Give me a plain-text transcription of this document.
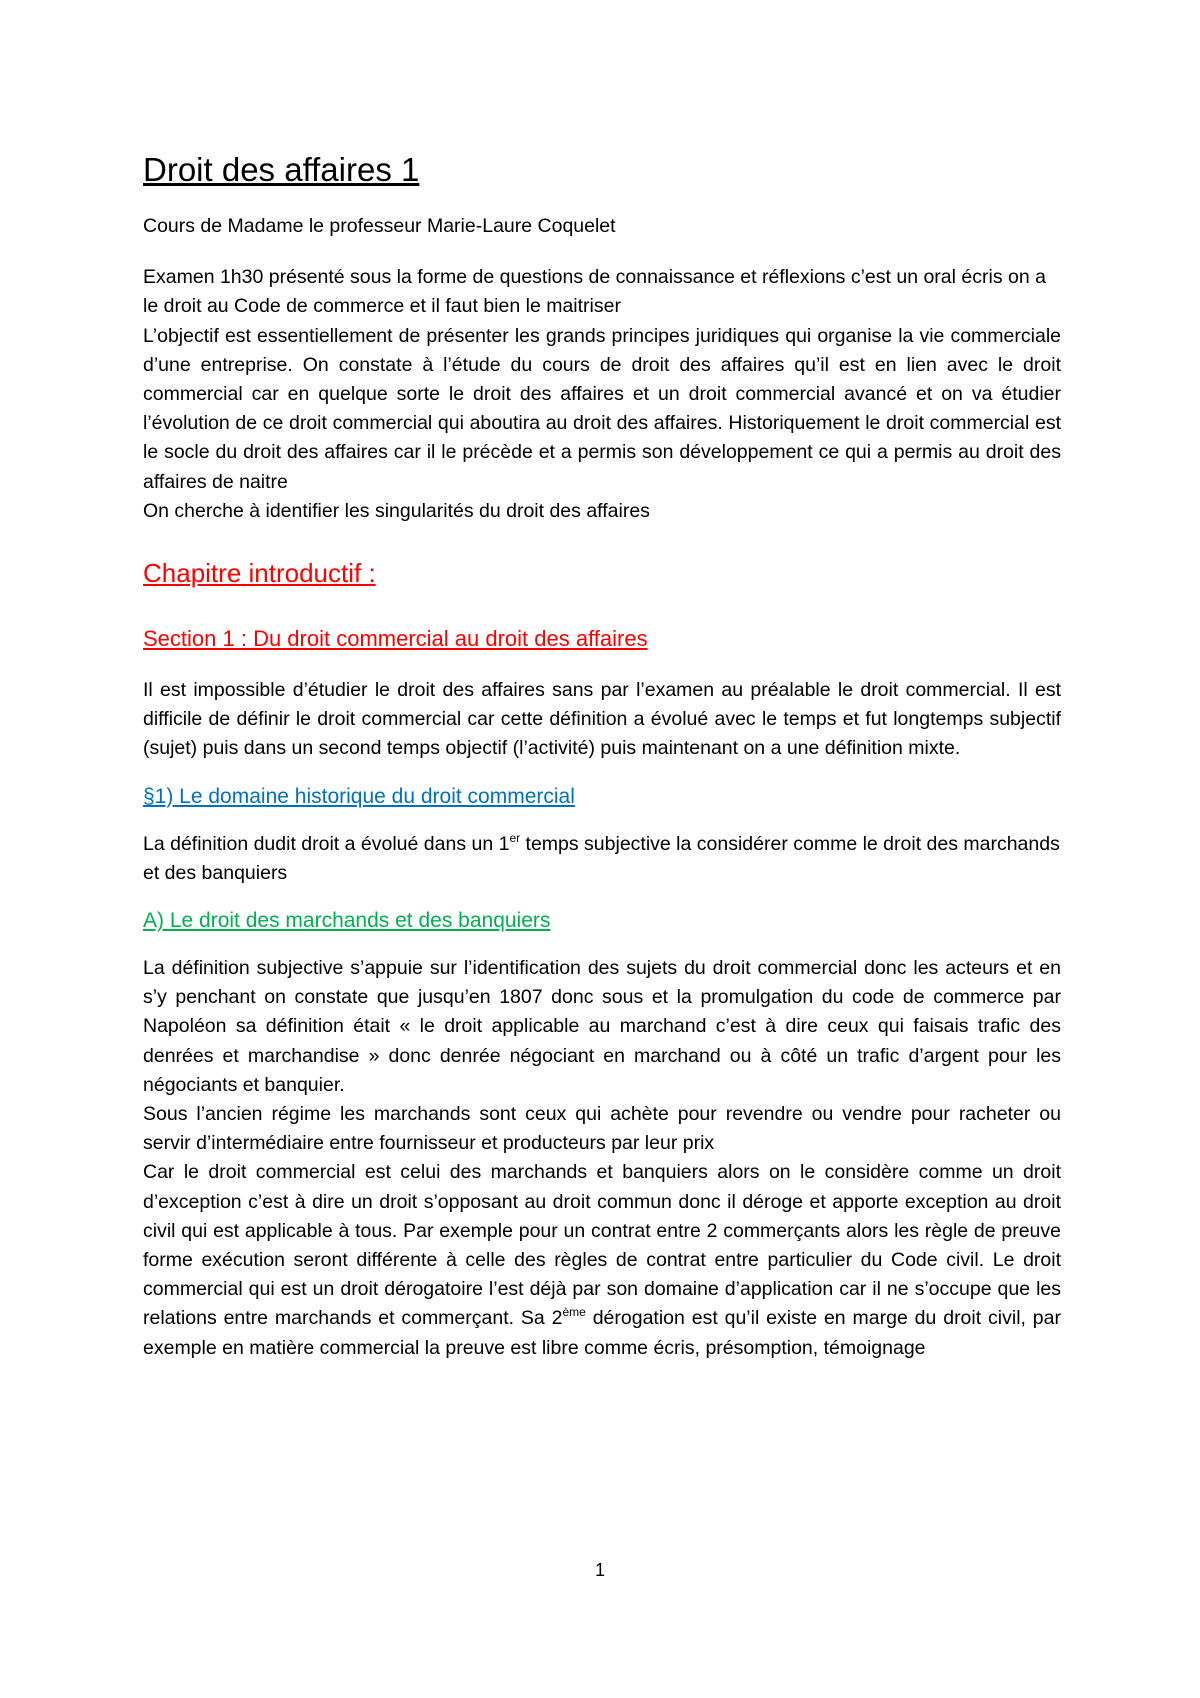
Droit des affaires 1

Cours de Madame le professeur Marie-Laure Coquelet

Examen 1h30 présenté sous la forme de questions de connaissance et réflexions c’est un oral écris on a le droit au Code de commerce et il faut bien le maitriser

L’objectif est essentiellement de présenter les grands principes juridiques qui organise la vie commerciale d’une entreprise. On constate à l’étude du cours de droit des affaires qu’il est en lien avec le droit commercial car en quelque sorte le droit des affaires et un droit commercial avancé et on va étudier l’évolution de ce droit commercial qui aboutira au droit des affaires. Historiquement le droit commercial est le socle du droit des affaires car il le précède et a permis son développement ce qui a permis au droit des affaires de naitre

On cherche à identifier les singularités du droit des affaires

Chapitre introductif :
Section 1 : Du droit commercial au droit des affaires

Il est impossible d’étudier le droit des affaires sans par l’examen au préalable le droit commercial. Il est difficile de définir le droit commercial car cette définition a évolué avec le temps et fut longtemps subjectif (sujet) puis dans un second temps objectif (l’activité) puis maintenant on a une définition mixte.

§1) Le domaine historique du droit commercial

La définition dudit droit a évolué dans un 1er temps subjective la considérer comme le droit des marchands et des banquiers

A) Le droit des marchands et des banquiers

La définition subjective s’appuie sur l’identification des sujets du droit commercial donc les acteurs et en s’y penchant on constate que jusqu’en 1807 donc sous et la promulgation du code de commerce par Napoléon sa définition était « le droit applicable au marchand c’est à dire ceux qui faisais trafic des denrées et marchandise » donc denrée négociant en marchand ou à côté un trafic d’argent pour les négociants et banquier.

Sous l’ancien régime les marchands sont ceux qui achète pour revendre ou vendre pour racheter ou servir d’intermédiaire entre fournisseur et producteurs par leur prix

Car le droit commercial est celui des marchands et banquiers alors on le considère comme un droit d’exception c’est à dire un droit s’opposant au droit commun donc il déroge et apporte exception au droit civil qui est applicable à tous. Par exemple pour un contrat entre 2 commerçants alors les règle de preuve forme exécution seront différente à celle des règles de contrat entre particulier du Code civil. Le droit commercial qui est un droit dérogatoire l’est déjà par son domaine d’application car il ne s’occupe que les relations entre marchands et commerçant. Sa 2ème dérogation est qu’il existe en marge du droit civil, par exemple en matière commercial la preuve est libre comme écris, présomption, témoignage

1
